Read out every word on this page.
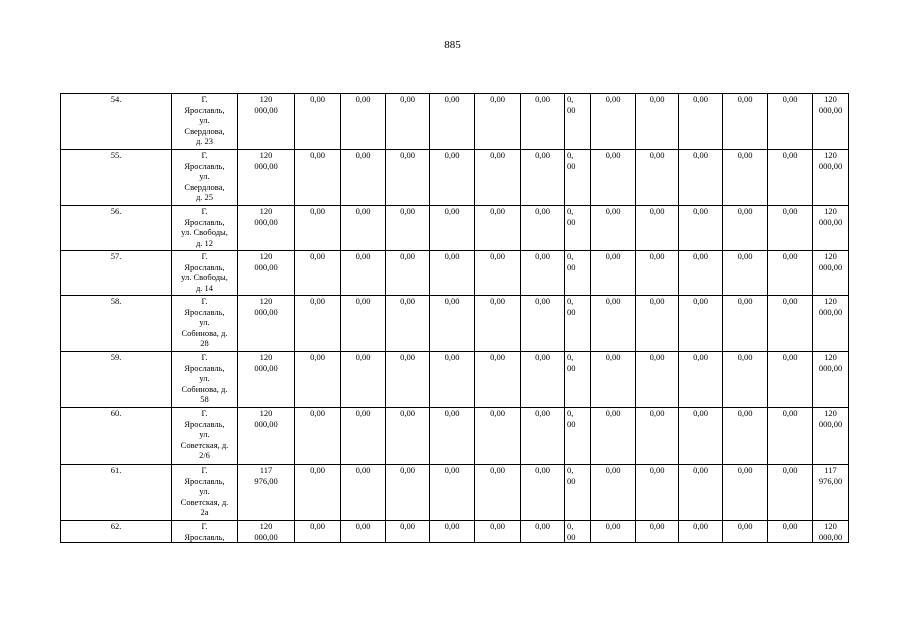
885
54.	Г.
Ярославль,
ул.
Свердлова,
д. 23	120
000,00	0,00	0,00	0,00	0,00	0,00	0,00	0,
00	0,00	0,00	0,00	0,00	0,00	120
000,00
55.	Г.
Ярославль,
ул.
Свердлова,
д. 25	120
000,00	0,00	0,00	0,00	0,00	0,00	0,00	0,
00	0,00	0,00	0,00	0,00	0,00	120
000,00
56.	Г.
Ярославль,
ул. Свободы,
д. 12	120
000,00	0,00	0,00	0,00	0,00	0,00	0,00	0,
00	0,00	0,00	0,00	0,00	0,00	120
000,00
57.	Г.
Ярославль,
ул. Свободы,
д. 14	120
000,00	0,00	0,00	0,00	0,00	0,00	0,00	0,
00	0,00	0,00	0,00	0,00	0,00	120
000,00
58.	Г.
Ярославль,
ул.
Собинова, д.
28	120
000,00	0,00	0,00	0,00	0,00	0,00	0,00	0,
00	0,00	0,00	0,00	0,00	0,00	120
000,00
59.	Г.
Ярославль,
ул.
Собинова, д.
58	120
000,00	0,00	0,00	0,00	0,00	0,00	0,00	0,
00	0,00	0,00	0,00	0,00	0,00	120
000,00
60.	Г.
Ярославль,
ул.
Советская, д.
2/6	120
000,00	0,00	0,00	0,00	0,00	0,00	0,00	0,
00	0,00	0,00	0,00	0,00	0,00	120
000,00
61.	Г.
Ярославль,
ул.
Советская, д.
2а	117
976,00	0,00	0,00	0,00	0,00	0,00	0,00	0,
00	0,00	0,00	0,00	0,00	0,00	117
976,00
62.	Г.
Ярославль,	120
000,00	0,00	0,00	0,00	0,00	0,00	0,00	0,
00	0,00	0,00	0,00	0,00	0,00	120
000,00
